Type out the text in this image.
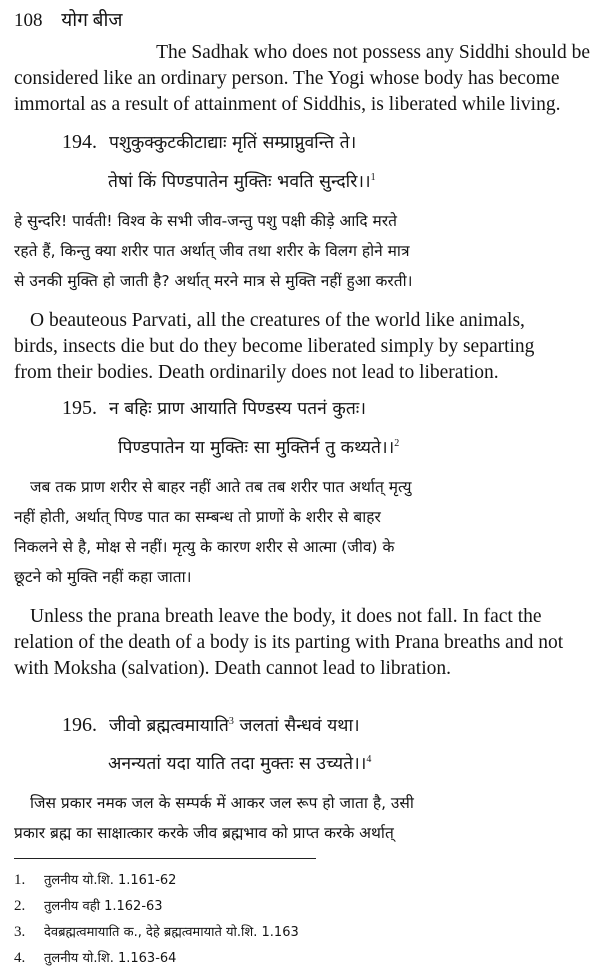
108 योग बीज
The Sadhak who does not possess any Siddhi should be
considered like an ordinary person. The Yogi whose body has become
immortal as a result of attainment of Siddhis, is liberated while living.
194. पशुकुक्कुटकीटाद्याः मृतिं सम्प्राप्नुवन्ति ते।
तेषां किं पिण्डपातेन मुक्तिः भवति सुन्दरि।।$^1$
हे सुन्दरि! पार्वती! विश्व के सभी जीव-जन्तु पशु पक्षी कीड़े आदि मरते
रहते हैं, किन्तु क्या शरीर पात अर्थात् जीव तथा शरीर के विलग होने मात्र
से उनकी मुक्ति हो जाती है? अर्थात् मरने मात्र से मुक्ति नहीं हुआ करती।
O beauteous Parvati, all the creatures of the world like animals,
birds, insects die but do they become liberated simply by separting
from their bodies. Death ordinarily does not lead to liberation.
195. न बहिः प्राण आयाति पिण्डस्य पतनं कुतः।
पिण्डपातेन या मुक्तिः सा मुक्तिर्न तु कथ्यते।।$^2$
जब तक प्राण शरीर से बाहर नहीं आते तब तब शरीर पात अर्थात् मृत्यु
नहीं होती, अर्थात् पिण्ड पात का सम्बन्ध तो प्राणों के शरीर से बाहर
निकलने से है, मोक्ष से नहीं। मृत्यु के कारण शरीर से आत्मा (जीव) के
छूटने को मुक्ति नहीं कहा जाता।
Unless the prana breath leave the body, it does not fall. In fact the
relation of the death of a body is its parting with Prana breaths and not
with Moksha (salvation). Death cannot lead to libration.
196. जीवो ब्रह्मत्वमायाति$^3$ जलतां सैन्धवं यथा।
अनन्यतां यदा याति तदा मुक्तः स उच्यते।।$^4$
जिस प्रकार नमक जल के सम्पर्क में आकर जल रूप हो जाता है, उसी
प्रकार ब्रह्म का साक्षात्कार करके जीव ब्रह्मभाव को प्राप्त करके अर्थात्
1. तुलनीय यो.शि. 1.161-62
2. तुलनीय वही 1.162-63
3. देवब्रह्मत्वमायाति क., देहे ब्रह्मत्वमायाते यो.शि. 1.163
4. तुलनीय यो.शि. 1.163-64
